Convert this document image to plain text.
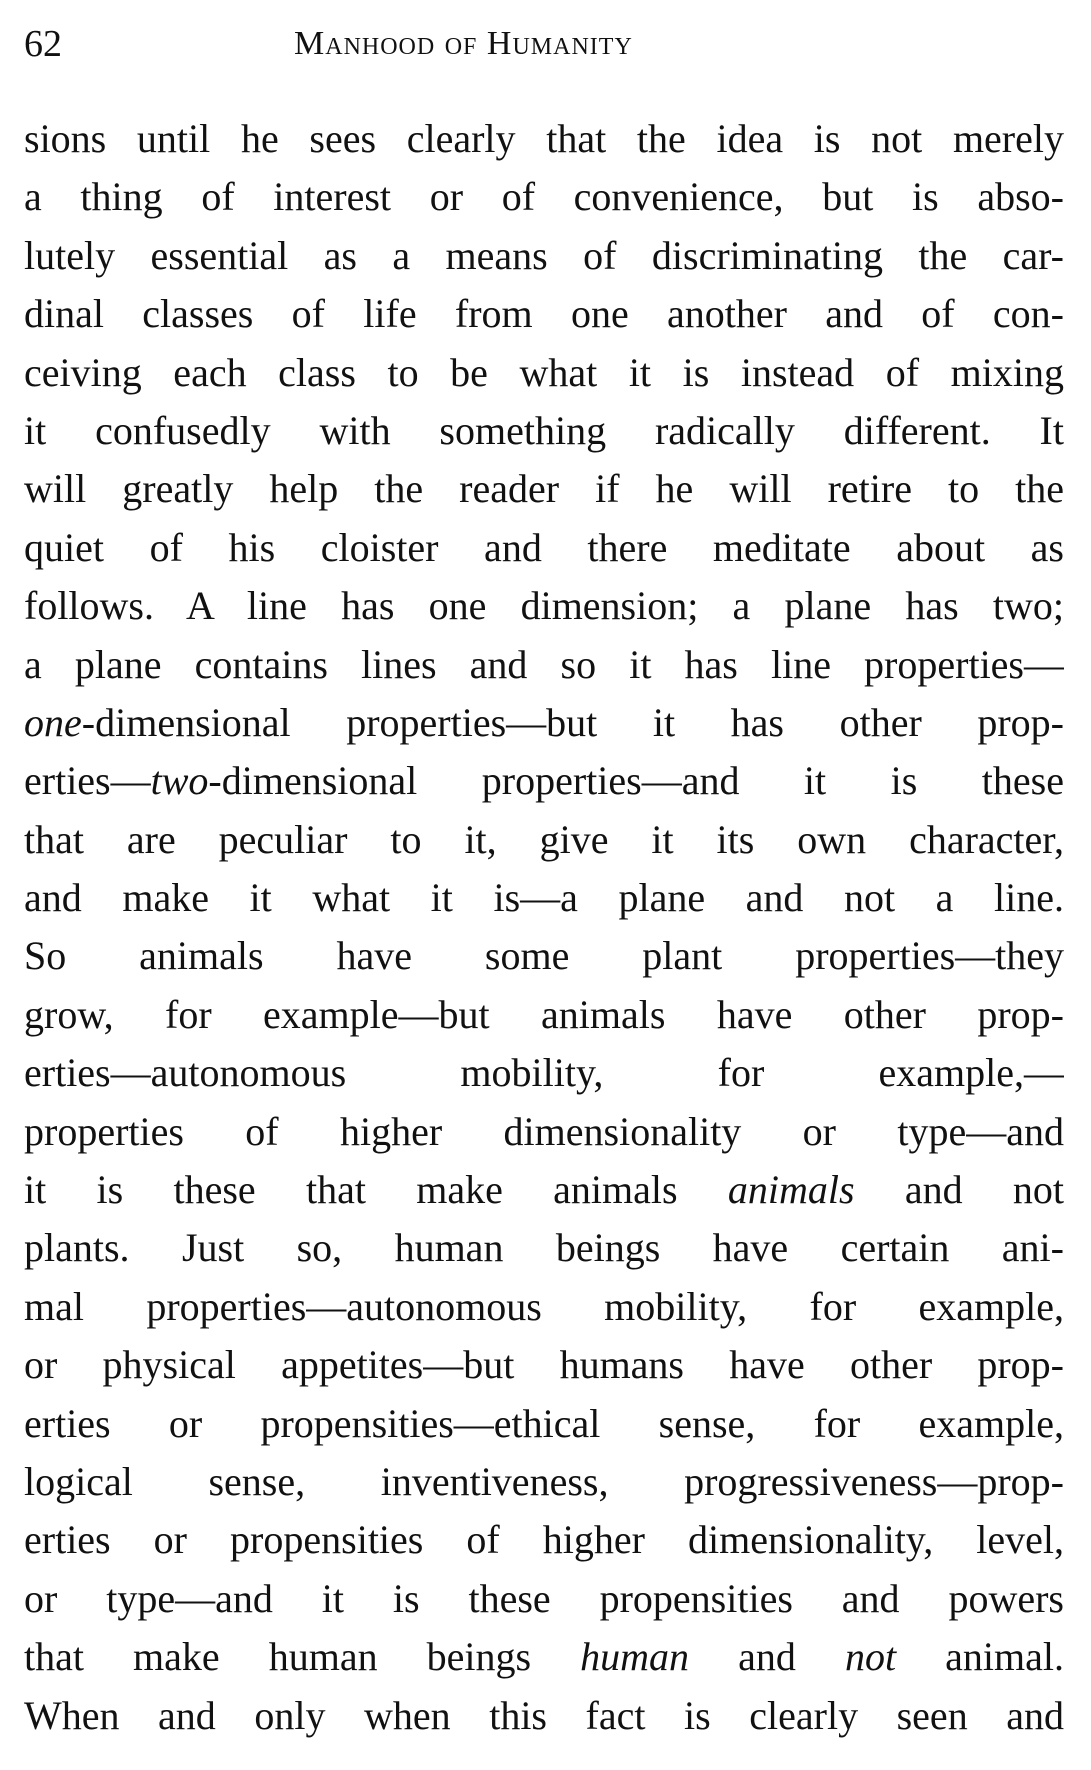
62	Manhood of Humanity
sions until he sees clearly that the idea is not merely
a thing of interest or of convenience, but is abso-
lutely essential as a means of discriminating the car-
dinal classes of life from one another and of con-
ceiving each class to be what it is instead of mixing
it confusedly with something radically different. It
will greatly help the reader if he will retire to the
quiet of his cloister and there meditate about as
follows. A line has one dimension; a plane has two;
a plane contains lines and so it has line properties—
one-dimensional properties—but it has other prop-
erties—two-dimensional properties—and it is these
that are peculiar to it, give it its own character,
and make it what it is—a plane and not a line.
So animals have some plant properties—they
grow, for example—but animals have other prop-
erties—autonomous mobility, for example,—
properties of higher dimensionality or type—and
it is these that make animals animals and not
plants. Just so, human beings have certain ani-
mal properties—autonomous mobility, for example,
or physical appetites—but humans have other prop-
erties or propensities—ethical sense, for example,
logical sense, inventiveness, progressiveness—prop-
erties or propensities of higher dimensionality, level,
or type—and it is these propensities and powers
that make human beings human and not animal.
When and only when this fact is clearly seen and
